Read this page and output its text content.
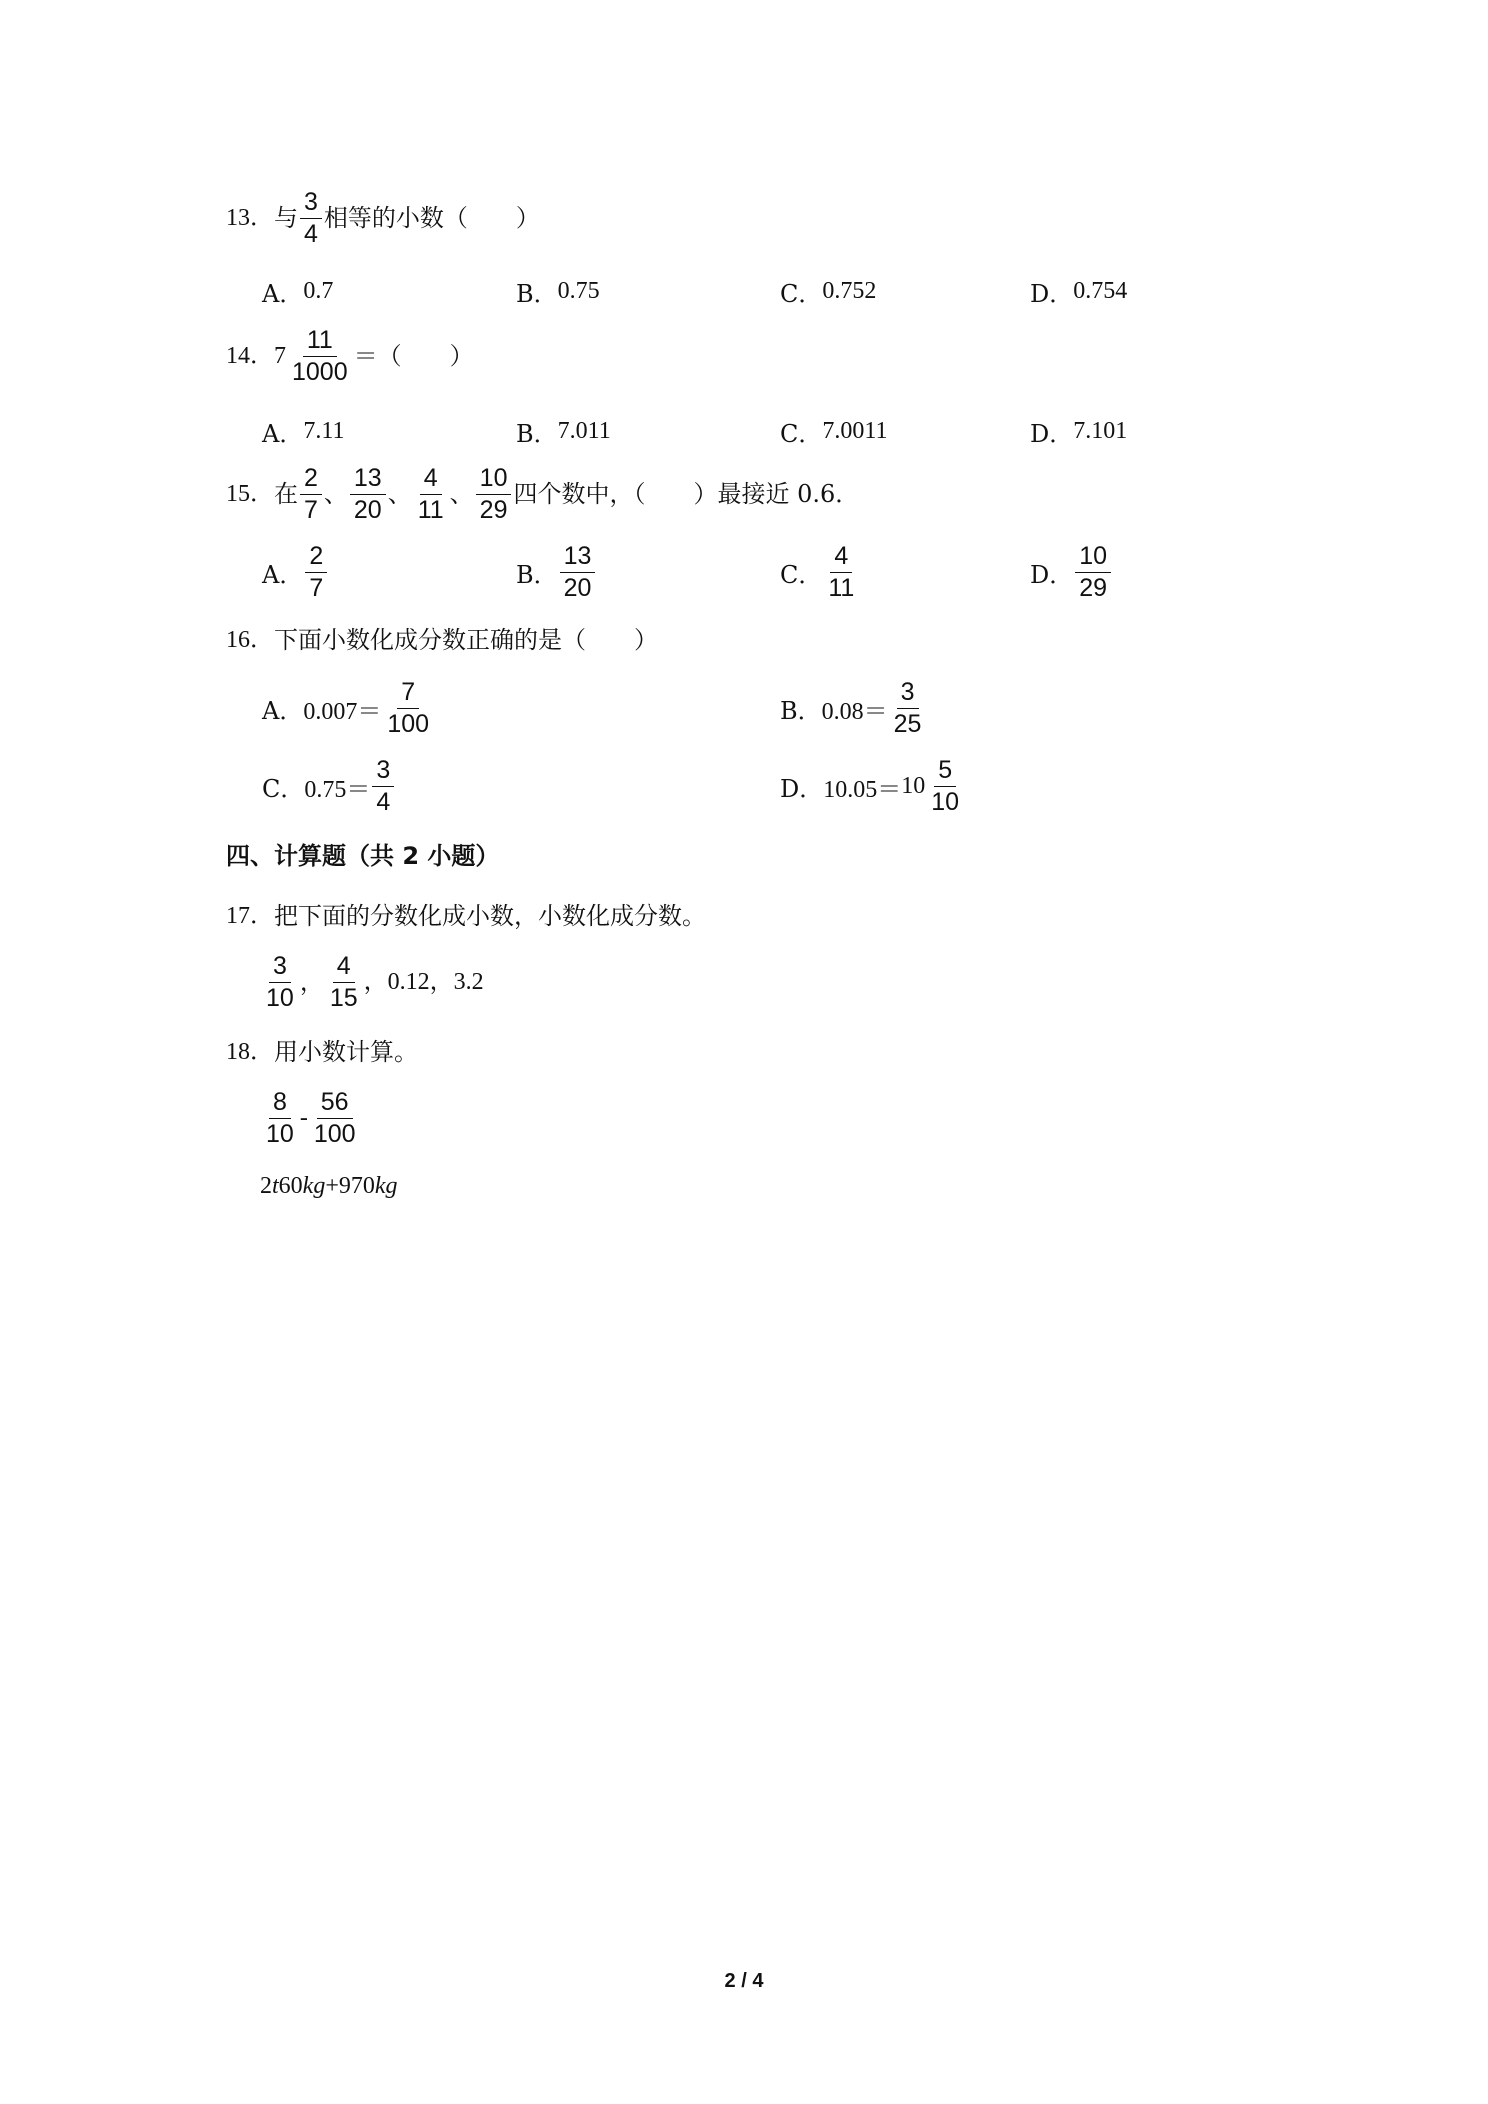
13． 与 $\frac{3}{4}$ 相等的小数（　　）
A． 0.7	B． 0.75	C． 0.752	D． 0.754
14． $7 \frac{11}{1000}$ ＝（　　）
A． 7.11	B． 7.011	C． 7.0011	D． 7.101
15． 在 $\frac{2}{7}$ 、 $\frac{13}{20}$ 、 $\frac{4}{11}$ 、 $\frac{10}{29}$ 四个数中，（　　）最接近 0.6．
A． $\frac{2}{7}$	B． $\frac{13}{20}$	C． $\frac{4}{11}$	D． $\frac{10}{29}$
16． 下面小数化成分数正确的是（　　）
A． $0.007= \frac{7}{100}$	B． $0.08= \frac{3}{25}$
C． $0.75= \frac{3}{4}$	D． $10.05= 10 \frac{5}{10}$
四、计算题（共 2 小题）
17． 把下面的分数化成小数，小数化成分数。
$\frac{3}{10}$ ， $\frac{4}{15}$ ，0.12，3.2
18． 用小数计算。
$\frac{8}{10} - \frac{56}{100}$
2 t 60 kg +970 kg
2 / 4
